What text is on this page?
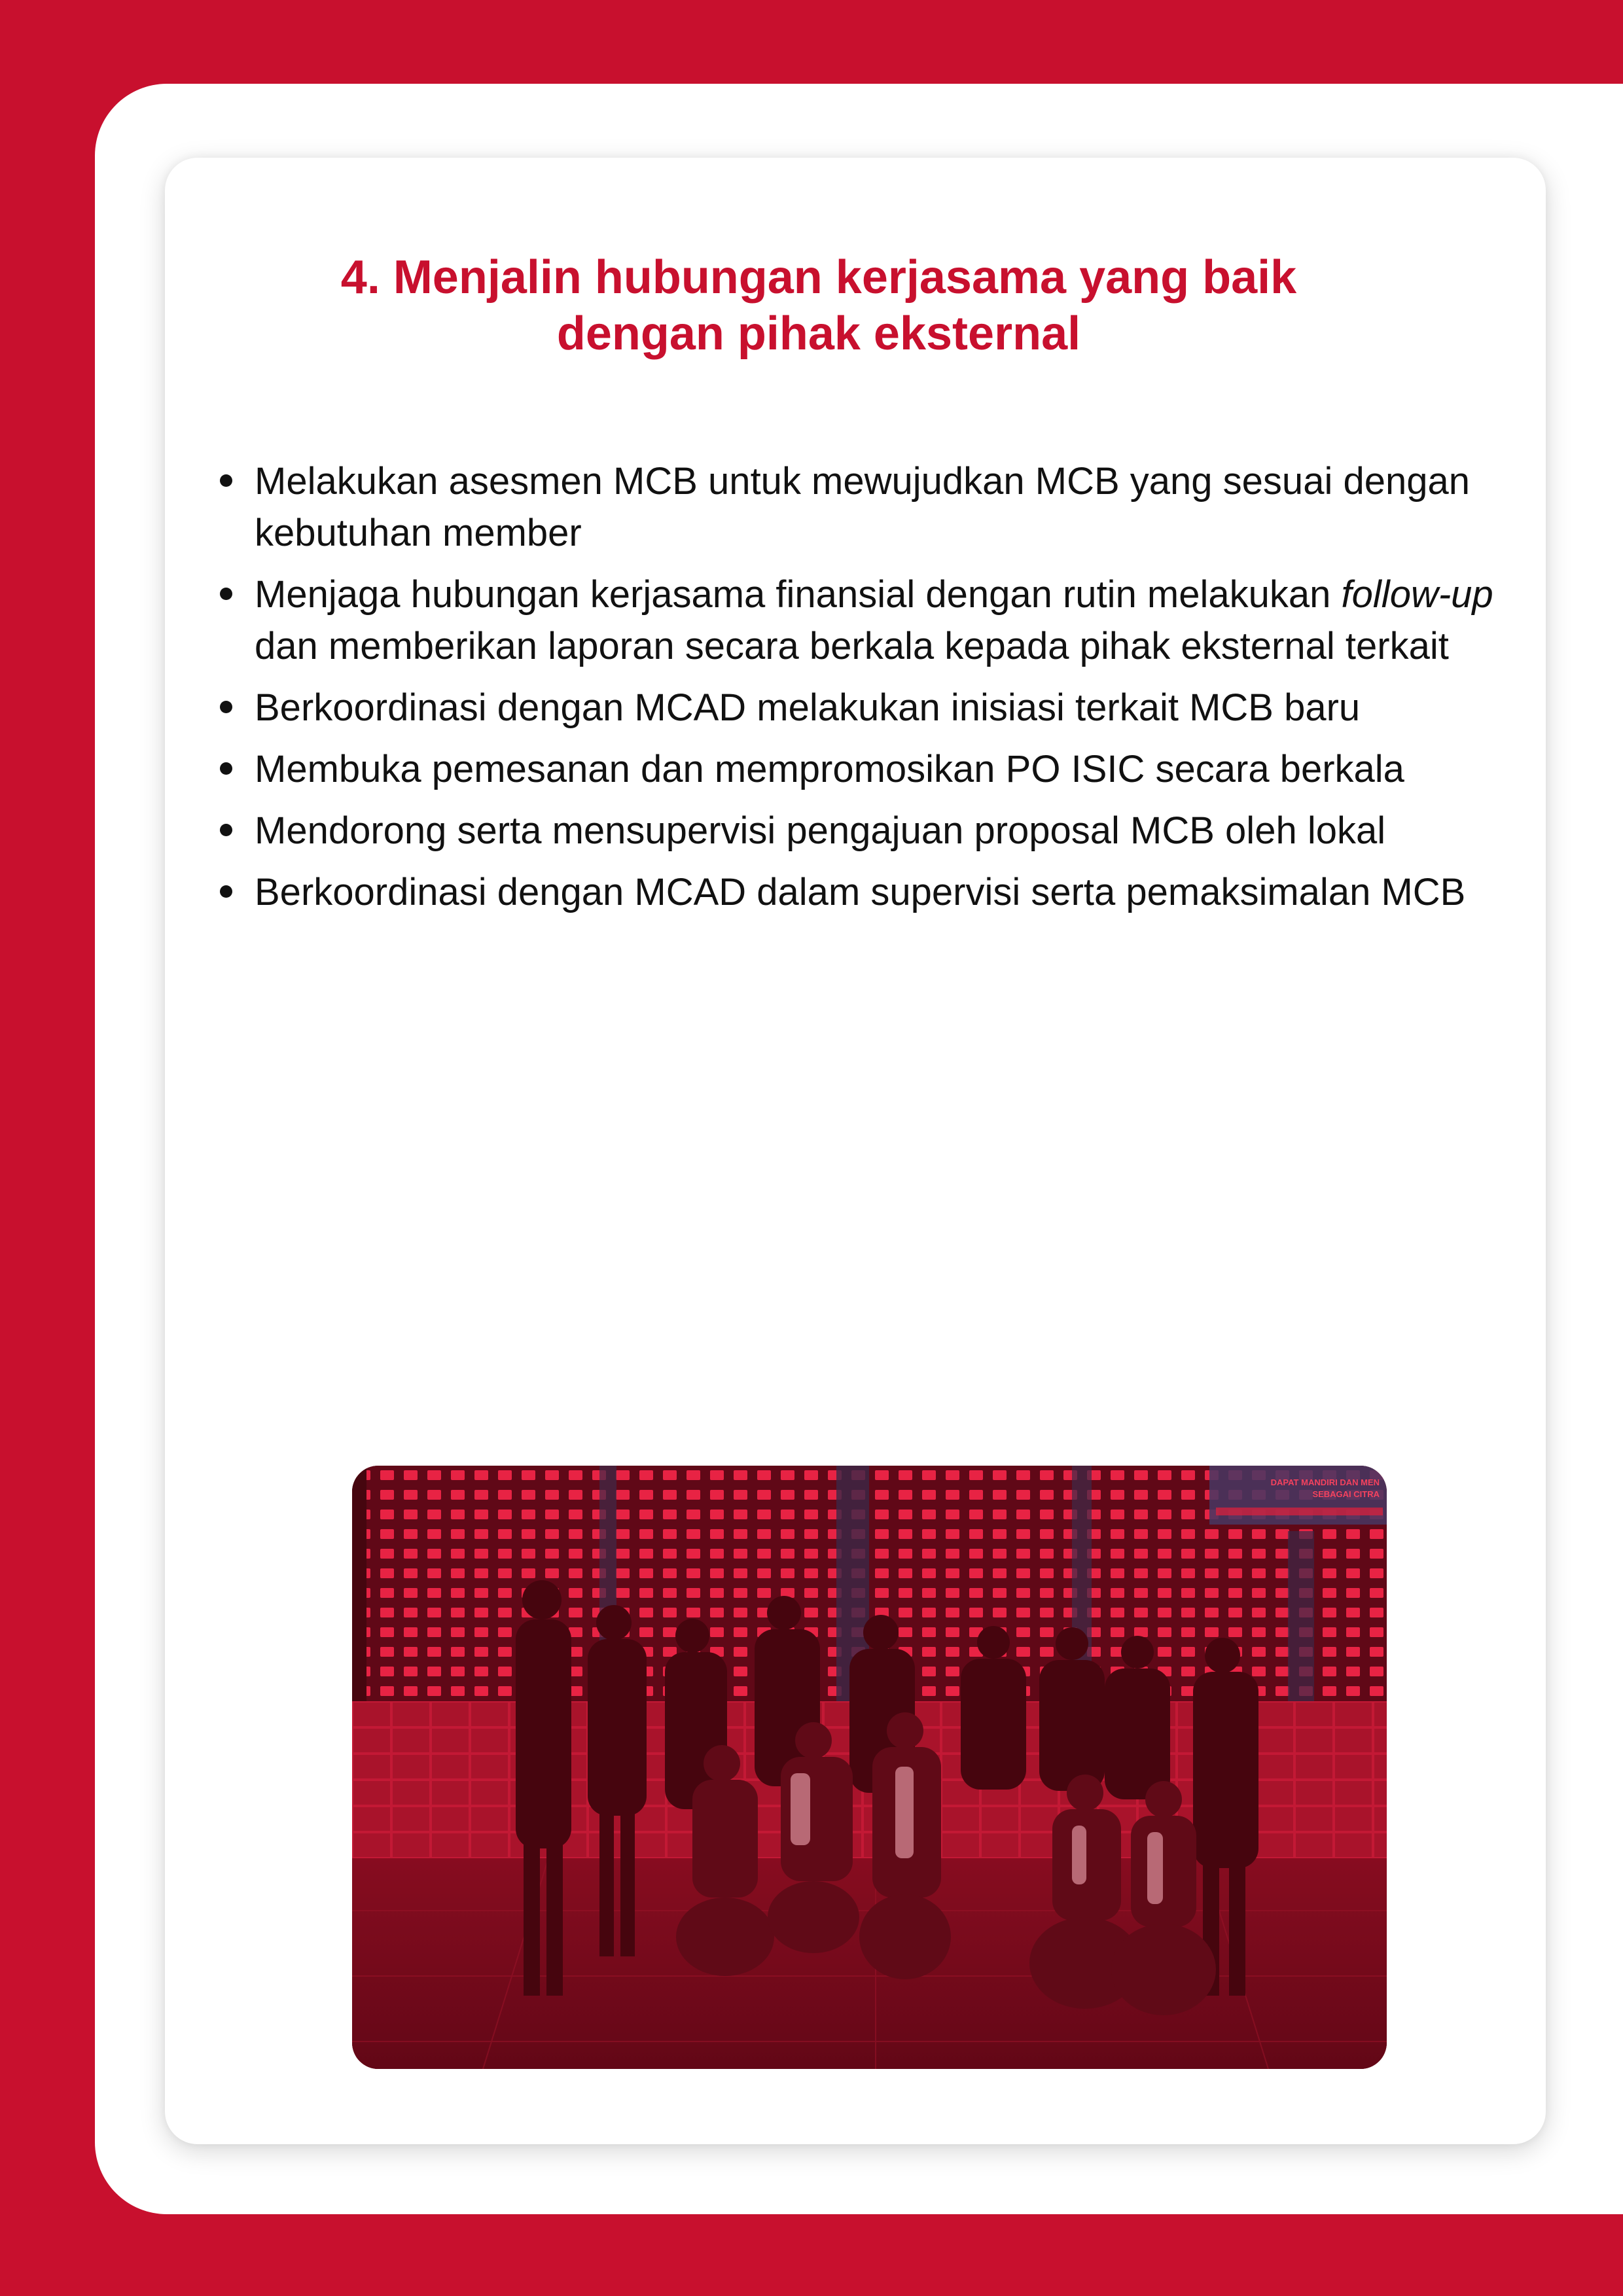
4. Menjalin hubungan kerjasama yang baik
dengan pihak eksternal
Melakukan asesmen MCB untuk mewujudkan MCB yang sesuai dengan
kebutuhan member
Menjaga hubungan kerjasama finansial dengan rutin melakukan follow-up
dan memberikan laporan secara berkala kepada pihak eksternal terkait
Berkoordinasi dengan MCAD melakukan inisiasi terkait MCB baru
Membuka pemesanan dan mempromosikan PO ISIC secara berkala
Mendorong serta mensupervisi pengajuan proposal MCB oleh lokal
Berkoordinasi dengan MCAD dalam supervisi serta pemaksimalan MCB
DAPAT MANDIRI DAN MEN
SEBAGAI CITRA
